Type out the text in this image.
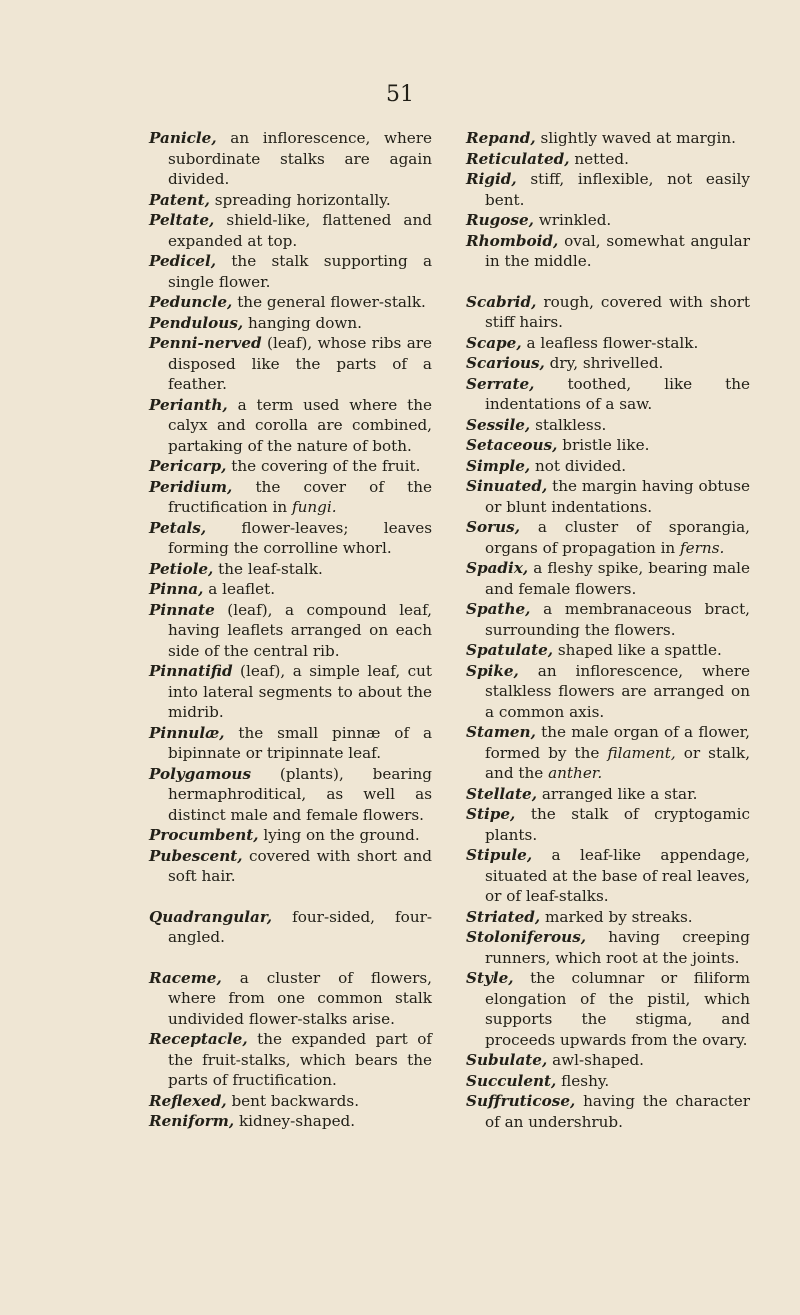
51

Panicle, an inflorescence, where subordinate stalks are again divided.

Patent, spreading horizontally.

Peltate, shield-like, flattened and expanded at top.

Pedicel, the stalk supporting a single flower.

Peduncle, the general flower-stalk.

Pendulous, hanging down.

Penni-nerved (leaf), whose ribs are disposed like the parts of a feather.

Perianth, a term used where the calyx and corolla are combined, partaking of the nature of both.

Pericarp, the covering of the fruit.

Peridium, the cover of the fructification in fungi.

Petals, flower-leaves; leaves forming the corrolline whorl.

Petiole, the leaf-stalk.

Pinna, a leaflet.

Pinnate (leaf), a compound leaf, having leaflets arranged on each side of the central rib.

Pinnatifid (leaf), a simple leaf, cut into lateral segments to about the midrib.

Pinnulæ, the small pinnæ of a bipinnate or tripinnate leaf.

Polygamous (plants), bearing hermaphroditical, as well as distinct male and female flowers.

Procumbent, lying on the ground.

Pubescent, covered with short and soft hair.

Quadrangular, four-sided, four-angled.

Raceme, a cluster of flowers, where from one common stalk undivided flower-stalks arise.

Receptacle, the expanded part of the fruit-stalks, which bears the parts of fructification.

Reflexed, bent backwards.

Reniform, kidney-shaped.

Repand, slightly waved at margin.

Reticulated, netted.

Rigid, stiff, inflexible, not easily bent.

Rugose, wrinkled.

Rhomboid, oval, somewhat angular in the middle.

Scabrid, rough, covered with short stiff hairs.

Scape, a leafless flower-stalk.

Scarious, dry, shrivelled.

Serrate, toothed, like the indentations of a saw.

Sessile, stalkless.

Setaceous, bristle like.

Simple, not divided.

Sinuated, the margin having obtuse or blunt indentations.

Sorus, a cluster of sporangia, organs of propagation in ferns.

Spadix, a fleshy spike, bearing male and female flowers.

Spathe, a membranaceous bract, surrounding the flowers.

Spatulate, shaped like a spattle.

Spike, an inflorescence, where stalkless flowers are arranged on a common axis.

Stamen, the male organ of a flower, formed by the filament, or stalk, and the anther.

Stellate, arranged like a star.

Stipe, the stalk of cryptogamic plants.

Stipule, a leaf-like appendage, situated at the base of real leaves, or of leaf-stalks.

Striated, marked by streaks.

Stoloniferous, having creeping runners, which root at the joints.

Style, the columnar or filiform elongation of the pistil, which supports the stigma, and proceeds upwards from the ovary.

Subulate, awl-shaped.

Succulent, fleshy.

Suffruticose, having the character of an undershrub.
